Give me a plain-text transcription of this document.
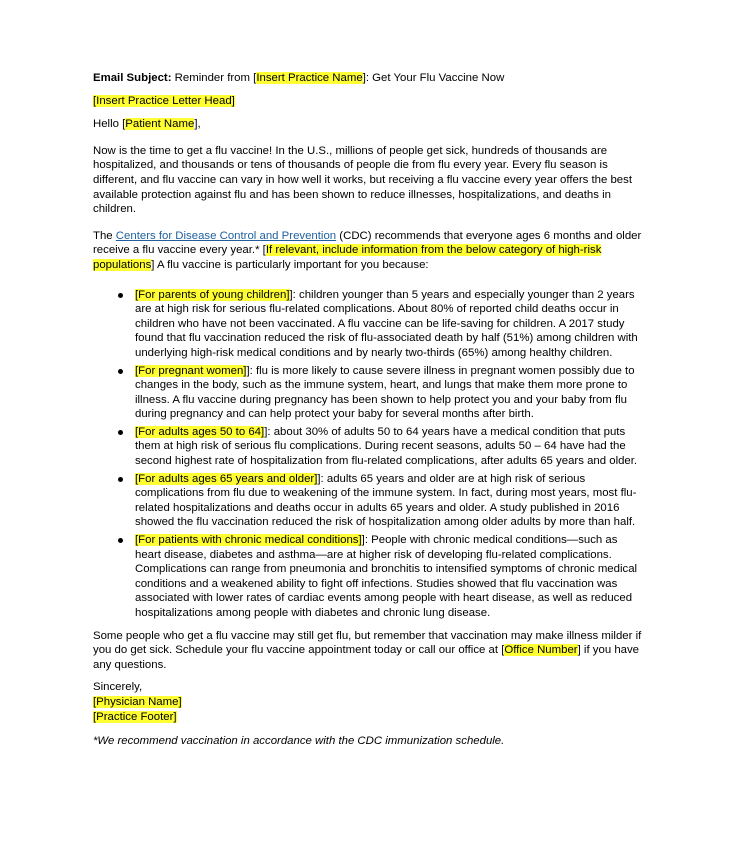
Email Subject: Reminder from [Insert Practice Name]: Get Your Flu Vaccine Now

[Insert Practice Letter Head]

Hello [Patient Name],

Now is the time to get a flu vaccine! In the U.S., millions of people get sick, hundreds of thousands are hospitalized, and thousands or tens of thousands of people die from flu every year. Every flu season is different, and flu vaccine can vary in how well it works, but receiving a flu vaccine every year offers the best available protection against flu and has been shown to reduce illnesses, hospitalizations, and deaths in children.

The Centers for Disease Control and Prevention (CDC) recommends that everyone ages 6 months and older receive a flu vaccine every year.* [If relevant, include information from the below category of high-risk populations] A flu vaccine is particularly important for you because:

[For parents of young children]]: children younger than 5 years and especially younger than 2 years are at high risk for serious flu-related complications. About 80% of reported child deaths occur in children who have not been vaccinated. A flu vaccine can be life-saving for children. A 2017 study found that flu vaccination reduced the risk of flu-associated death by half (51%) among children with underlying high-risk medical conditions and by nearly two-thirds (65%) among healthy children.
[For pregnant women]]: flu is more likely to cause severe illness in pregnant women possibly due to changes in the body, such as the immune system, heart, and lungs that make them more prone to illness. A flu vaccine during pregnancy has been shown to help protect you and your baby from flu during pregnancy and can help protect your baby for several months after birth.
[For adults ages 50 to 64]]: about 30% of adults 50 to 64 years have a medical condition that puts them at high risk of serious flu complications. During recent seasons, adults 50 – 64 have had the second highest rate of hospitalization from flu-related complications, after adults 65 years and older.
[For adults ages 65 years and older]]: adults 65 years and older are at high risk of serious complications from flu due to weakening of the immune system. In fact, during most years, most flu-related hospitalizations and deaths occur in adults 65 years and older. A study published in 2016 showed the flu vaccination reduced the risk of hospitalization among older adults by more than half.
[For patients with chronic medical conditions]]: People with chronic medical conditions—such as heart disease, diabetes and asthma—are at higher risk of developing flu-related complications. Complications can range from pneumonia and bronchitis to intensified symptoms of chronic medical conditions and a weakened ability to fight off infections. Studies showed that flu vaccination was associated with lower rates of cardiac events among people with heart disease, as well as reduced hospitalizations among people with diabetes and chronic lung disease.

Some people who get a flu vaccine may still get flu, but remember that vaccination may make illness milder if you do get sick. Schedule your flu vaccine appointment today or call our office at [Office Number] if you have any questions.

Sincerely,

[Physician Name]

[Practice Footer]

*We recommend vaccination in accordance with the CDC immunization schedule.
